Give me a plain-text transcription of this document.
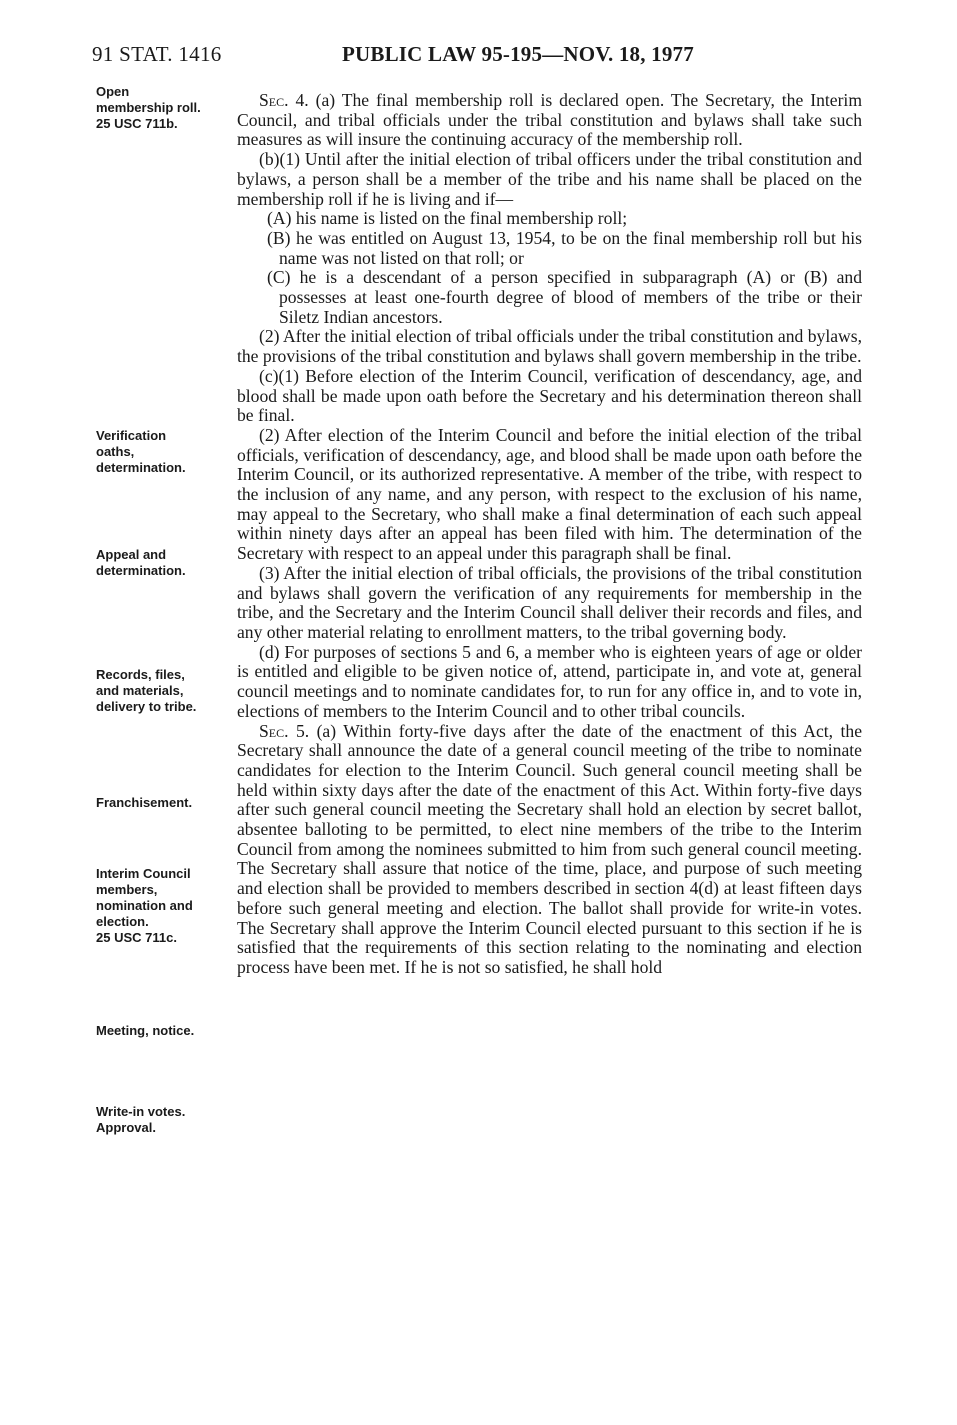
91 STAT. 1416	PUBLIC LAW 95-195—NOV. 18, 1977
Open
membership roll.
25 USC 711b.
Verification
oaths,
determination.
Appeal and
determination.
Records, files,
and materials,
delivery to tribe.
Franchisement.
Interim Council
members,
nomination and
election.
25 USC 711c.
Meeting, notice.
Write-in votes.
Approval.

Sec. 4. (a) The final membership roll is declared open. The Secretary, the Interim Council, and tribal officials under the tribal constitution and bylaws shall take such measures as will insure the continuing accuracy of the membership roll.

(b)(1) Until after the initial election of tribal officers under the tribal constitution and bylaws, a person shall be a member of the tribe and his name shall be placed on the membership roll if he is living and if—

(A) his name is listed on the final membership roll;

(B) he was entitled on August 13, 1954, to be on the final membership roll but his name was not listed on that roll; or

(C) he is a descendant of a person specified in subparagraph (A) or (B) and possesses at least one-fourth degree of blood of members of the tribe or their Siletz Indian ancestors.

(2) After the initial election of tribal officials under the tribal constitution and bylaws, the provisions of the tribal constitution and bylaws shall govern membership in the tribe.

(c)(1) Before election of the Interim Council, verification of descendancy, age, and blood shall be made upon oath before the Secretary and his determination thereon shall be final.

(2) After election of the Interim Council and before the initial election of the tribal officials, verification of descendancy, age, and blood shall be made upon oath before the Interim Council, or its authorized representative. A member of the tribe, with respect to the inclusion of any name, and any person, with respect to the exclusion of his name, may appeal to the Secretary, who shall make a final determination of each such appeal within ninety days after an appeal has been filed with him. The determination of the Secretary with respect to an appeal under this paragraph shall be final.

(3) After the initial election of tribal officials, the provisions of the tribal constitution and bylaws shall govern the verification of any requirements for membership in the tribe, and the Secretary and the Interim Council shall deliver their records and files, and any other material relating to enrollment matters, to the tribal governing body.

(d) For purposes of sections 5 and 6, a member who is eighteen years of age or older is entitled and eligible to be given notice of, attend, participate in, and vote at, general council meetings and to nominate candidates for, to run for any office in, and to vote in, elections of members to the Interim Council and to other tribal councils.

Sec. 5. (a) Within forty-five days after the date of the enactment of this Act, the Secretary shall announce the date of a general council meeting of the tribe to nominate candidates for election to the Interim Council. Such general council meeting shall be held within sixty days after the date of the enactment of this Act. Within forty-five days after such general council meeting the Secretary shall hold an election by secret ballot, absentee balloting to be permitted, to elect nine members of the tribe to the Interim Council from among the nominees submitted to him from such general council meeting. The Secretary shall assure that notice of the time, place, and purpose of such meeting and election shall be provided to members described in section 4(d) at least fifteen days before such general meeting and election. The ballot shall provide for write-in votes. The Secretary shall approve the Interim Council elected pursuant to this section if he is satisfied that the requirements of this section relating to the nominating and election process have been met. If he is not so satisfied, he shall hold
